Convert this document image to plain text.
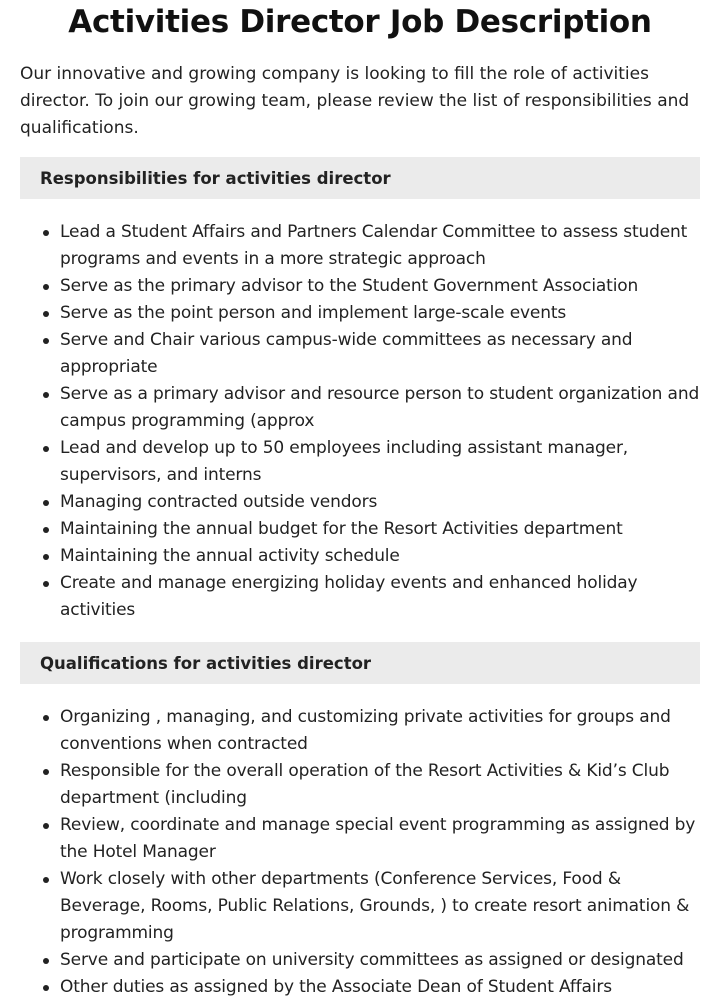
Activities Director Job Description

Our innovative and growing company is looking to fill the role of activities director. To join our growing team, please review the list of responsibilities and qualifications.

Responsibilities for activities director
Lead a Student Affairs and Partners Calendar Committee to assess student programs and events in a more strategic approach
Serve as the primary advisor to the Student Government Association
Serve as the point person and implement large-scale events
Serve and Chair various campus-wide committees as necessary and appropriate
Serve as a primary advisor and resource person to student organization and campus programming (approx
Lead and develop up to 50 employees including assistant manager, supervisors, and interns
Managing contracted outside vendors
Maintaining the annual budget for the Resort Activities department
Maintaining the annual activity schedule
Create and manage energizing holiday events and enhanced holiday activities
Qualifications for activities director
Organizing , managing, and customizing private activities for groups and conventions when contracted
Responsible for the overall operation of the Resort Activities & Kid’s Club department (including
Review, coordinate and manage special event programming as assigned by the Hotel Manager
Work closely with other departments (Conference Services, Food & Beverage, Rooms, Public Relations, Grounds, ) to create resort animation & programming
Serve and participate on university committees as assigned or designated
Other duties as assigned by the Associate Dean of Student Affairs
